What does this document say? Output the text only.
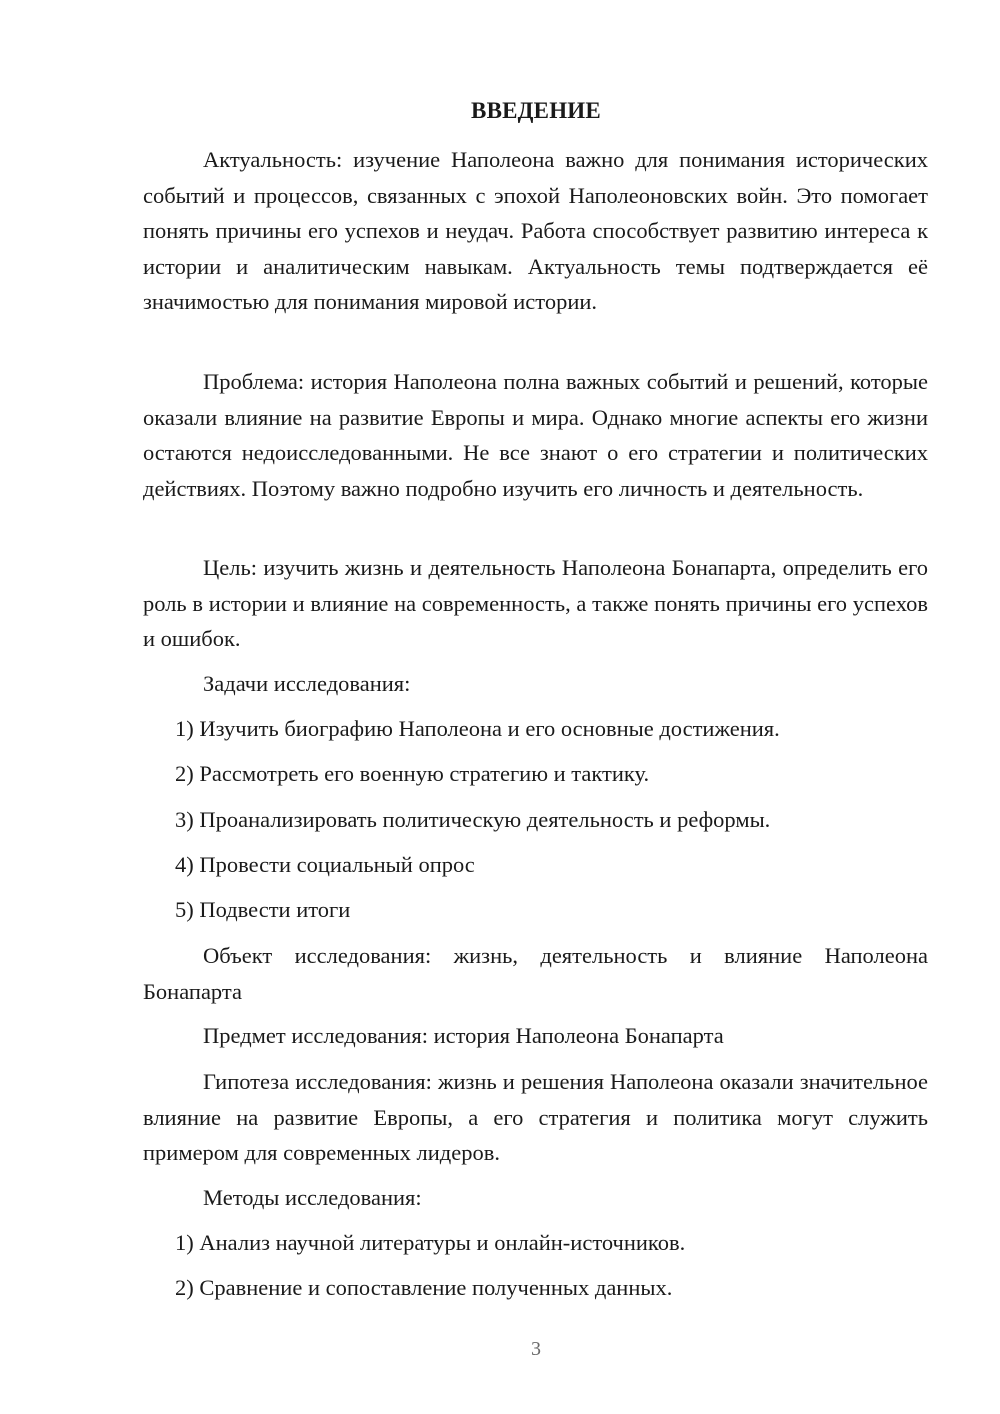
ВВЕДЕНИЕ

Актуальность: изучение Наполеона важно для понимания исторических событий и процессов, связанных с эпохой Наполеоновских войн. Это помогает понять причины его успехов и неудач. Работа способствует развитию интереса к истории и аналитическим навыкам. Актуальность темы подтверждается её значимостью для понимания мировой истории.

Проблема: история Наполеона полна важных событий и решений, которые оказали влияние на развитие Европы и мира. Однако многие аспекты его жизни остаются недоисследованными. Не все знают о его стратегии и политических действиях. Поэтому важно подробно изучить его личность и деятельность.

Цель: изучить жизнь и деятельность Наполеона Бонапарта, определить его роль в истории и влияние на современность, а также понять причины его успехов и ошибок.

Задачи исследования:

1) Изучить биографию Наполеона и его основные достижения.

2) Рассмотреть его военную стратегию и тактику.

3) Проанализировать политическую деятельность и реформы.

4) Провести социальный опрос

5) Подвести итоги

Объект исследования: жизнь, деятельность и влияние Наполеона Бонапарта

Предмет исследования: история Наполеона Бонапарта

Гипотеза исследования: жизнь и решения Наполеона оказали значительное влияние на развитие Европы, а его стратегия и политика могут служить примером для современных лидеров.

Методы исследования:

1) Анализ научной литературы и онлайн-источников.

2) Сравнение и сопоставление полученных данных.

3
